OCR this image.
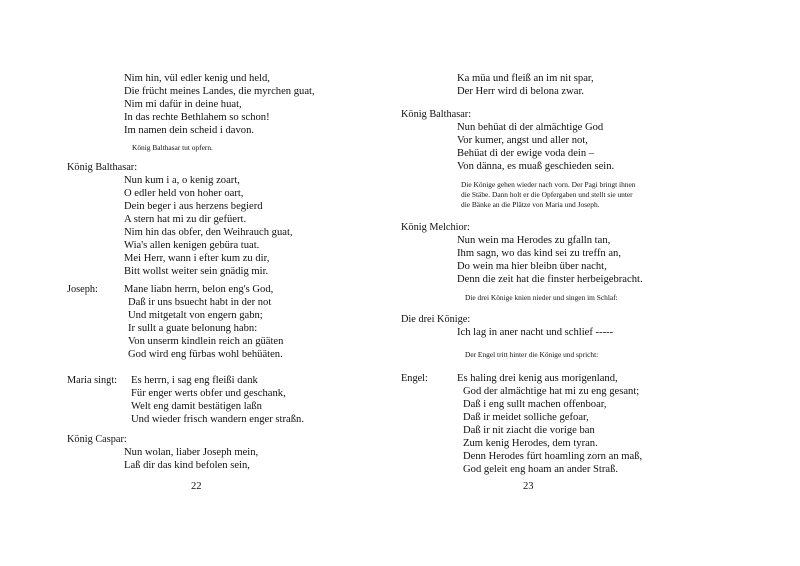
Nim hin, vül edler kenig und held,
Die frücht meines Landes, die myrchen guat,
Nim mi dafür in deine huat,
In das rechte Bethlahem so schon!
Im namen dein scheid i davon.
König Balthasar tut opfern.
König Balthasar:
Nun kum i a, o kenig zoart,
O edler held von hoher oart,
Dein beger i aus herzens begierd
A stern hat mi zu dir gefüert.
Nim hin das obfer, den Weihrauch guat,
Wia's allen kenigen gebüra tuat.
Mei Herr, wann i efter kum zu dir,
Bitt wollst weiter sein gnädig mir.
Joseph: Mane liabn herrn, belon eng's God,
Daß ir uns bsuecht habt in der not
Und mitgetalt von engern gabn;
Ir sullt a guate belonung habn:
Von unserm kindlein reich an güäten
God wird eng fürbas wohl behüäten.
Maria singt: Es herrn, i sag eng fleißi dank
Für enger werts obfer und geschank,
Welt eng damit bestätigen laßn
Und wieder frisch wandern enger straßn.
König Caspar:
Nun wolan, liaber Joseph mein,
Laß dir das kind befolen sein,
22
Ka müa und fleiß an im nit spar,
Der Herr wird di belona zwar.
König Balthasar:
Nun behüat di der almächtige God
Vor kumer, angst und aller not,
Behüat di der ewige voda dein –
Von dänna, es muaß geschieden sein.
Die Könige gehen wieder nach vorn. Der Pagi bringt ihnen
die Stäbe. Dann holt er die Opfergaben und stellt sie unter
die Bänke an die Plätze von Maria und Joseph.
König Melchior:
Nun wein ma Herodes zu gfalln tan,
Ihm sagn, wo das kind sei zu treffn an,
Do wein ma hier bleibn über nacht,
Denn die zeit hat die finster herbeigebracht.
Die drei Könige knien nieder und singen im Schlaf:
Die drei Könige:
Ich lag in aner nacht und schlief -----
Der Engel tritt hinter die Könige und spricht:
Engel:	Es haling drei kenig aus morigenland,
God der almächtige hat mi zu eng gesant;
Daß i eng sullt machen offenboar,
Daß ir meidet solliche gefoar,
Daß ir nit ziacht die vorige ban
Zum kenig Herodes, dem tyran.
Denn Herodes fürt hoamling zorn an maß,
God geleit eng hoam an ander Straß.
23
